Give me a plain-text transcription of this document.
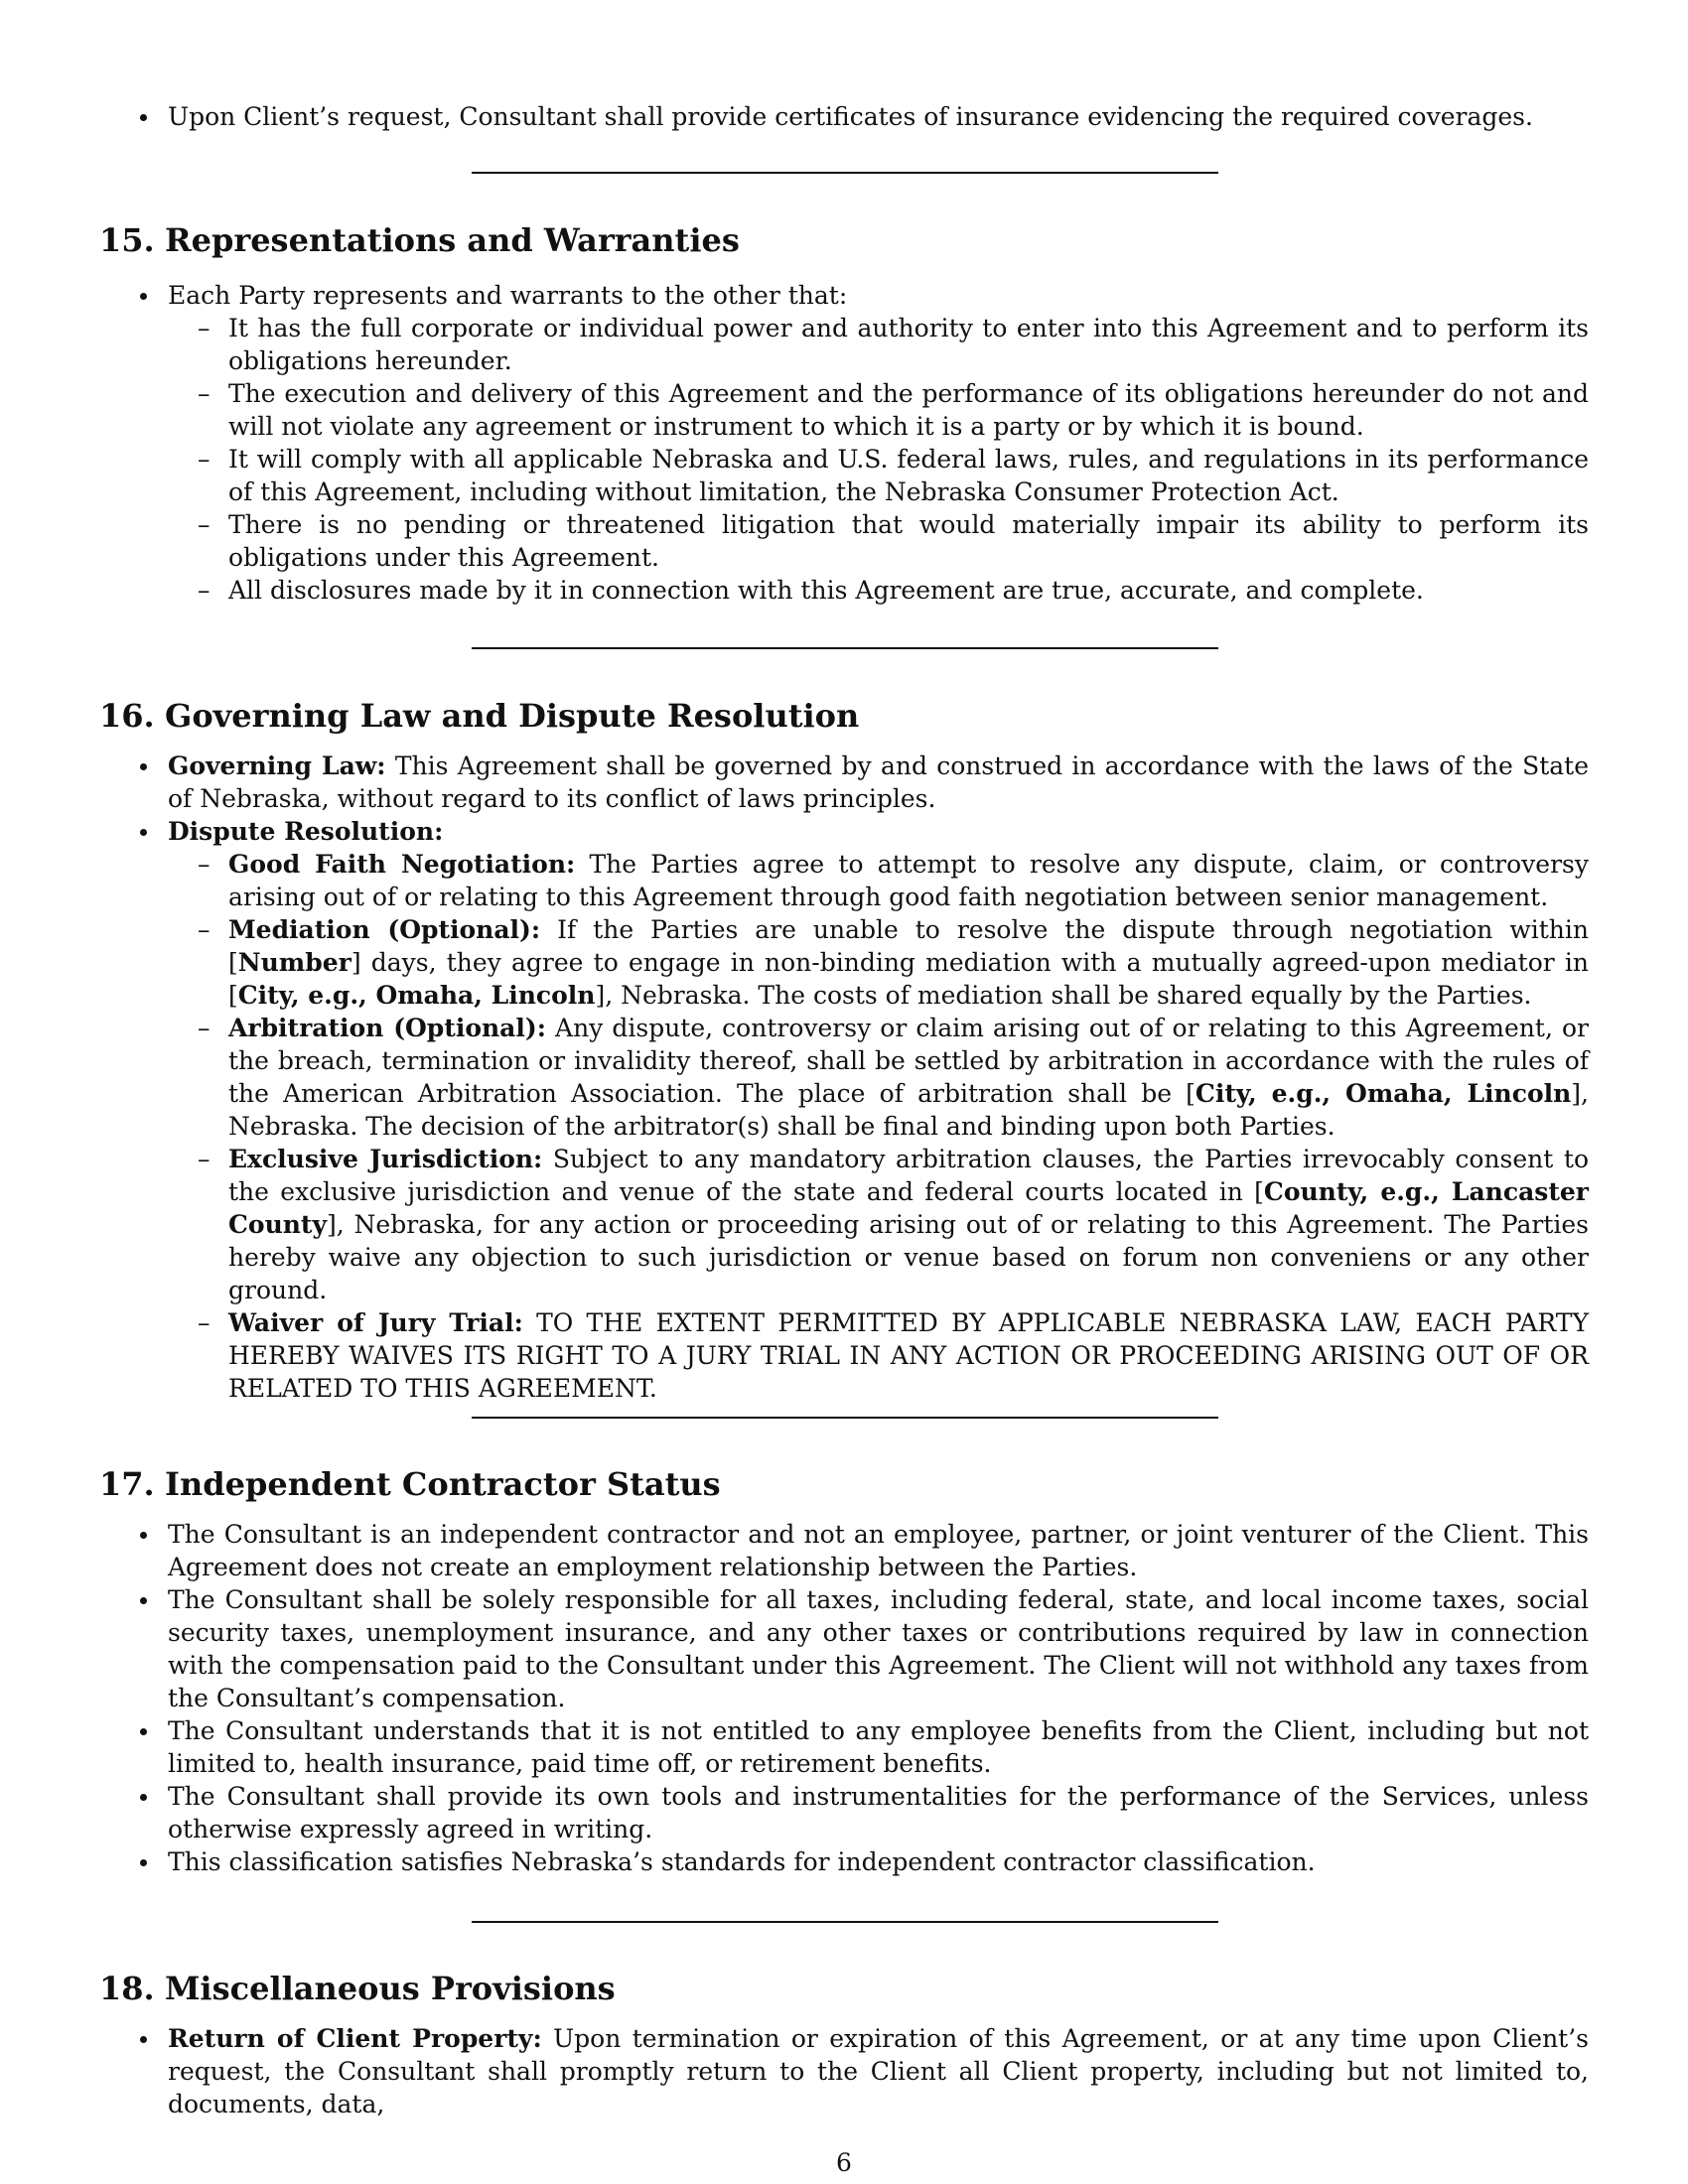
Upon Client’s request, Consultant shall provide certificates of insurance evidencing the required coverages.
15. Representations and Warranties
Each Party represents and warrants to the other that:
– It has the full corporate or individual power and authority to enter into this Agreement and to perform its obligations hereunder.
– The execution and delivery of this Agreement and the performance of its obligations hereunder do not and will not violate any agreement or instrument to which it is a party or by which it is bound.
– It will comply with all applicable Nebraska and U.S. federal laws, rules, and regulations in its performance of this Agreement, including without limitation, the Nebraska Consumer Protection Act.
– There is no pending or threatened litigation that would materially impair its ability to perform its obligations under this Agreement.
– All disclosures made by it in connection with this Agreement are true, accurate, and complete.
16. Governing Law and Dispute Resolution
Governing Law: This Agreement shall be governed by and construed in accordance with the laws of the State of Nebraska, without regard to its conflict of laws principles.
Dispute Resolution:
– Good Faith Negotiation: The Parties agree to attempt to resolve any dispute, claim, or controversy arising out of or relating to this Agreement through good faith negotiation between senior management.
– Mediation (Optional): If the Parties are unable to resolve the dispute through negotiation within [Number] days, they agree to engage in non-binding mediation with a mutually agreed-upon mediator in [City, e.g., Omaha, Lincoln], Nebraska. The costs of mediation shall be shared equally by the Parties.
– Arbitration (Optional): Any dispute, controversy or claim arising out of or relating to this Agreement, or the breach, termination or invalidity thereof, shall be settled by arbitration in accordance with the rules of the American Arbitration Association. The place of arbitration shall be [City, e.g., Omaha, Lincoln], Nebraska. The decision of the arbitrator(s) shall be final and binding upon both Parties.
– Exclusive Jurisdiction: Subject to any mandatory arbitration clauses, the Parties irrevocably consent to the exclusive jurisdiction and venue of the state and federal courts located in [County, e.g., Lancaster County], Nebraska, for any action or proceeding arising out of or relating to this Agreement. The Parties hereby waive any objection to such jurisdiction or venue based on forum non conveniens or any other ground.
– Waiver of Jury Trial: TO THE EXTENT PERMITTED BY APPLICABLE NEBRASKA LAW, EACH PARTY HEREBY WAIVES ITS RIGHT TO A JURY TRIAL IN ANY ACTION OR PROCEEDING ARISING OUT OF OR RELATED TO THIS AGREEMENT.
17. Independent Contractor Status
The Consultant is an independent contractor and not an employee, partner, or joint venturer of the Client. This Agreement does not create an employment relationship between the Parties.
The Consultant shall be solely responsible for all taxes, including federal, state, and local income taxes, social security taxes, unemployment insurance, and any other taxes or contributions required by law in connection with the compensation paid to the Consultant under this Agreement. The Client will not withhold any taxes from the Consultant’s compensation.
The Consultant understands that it is not entitled to any employee benefits from the Client, including but not limited to, health insurance, paid time off, or retirement benefits.
The Consultant shall provide its own tools and instrumentalities for the performance of the Services, unless otherwise expressly agreed in writing.
This classification satisfies Nebraska’s standards for independent contractor classification.
18. Miscellaneous Provisions
Return of Client Property: Upon termination or expiration of this Agreement, or at any time upon Client’s request, the Consultant shall promptly return to the Client all Client property, including but not limited to, documents, data,
6
